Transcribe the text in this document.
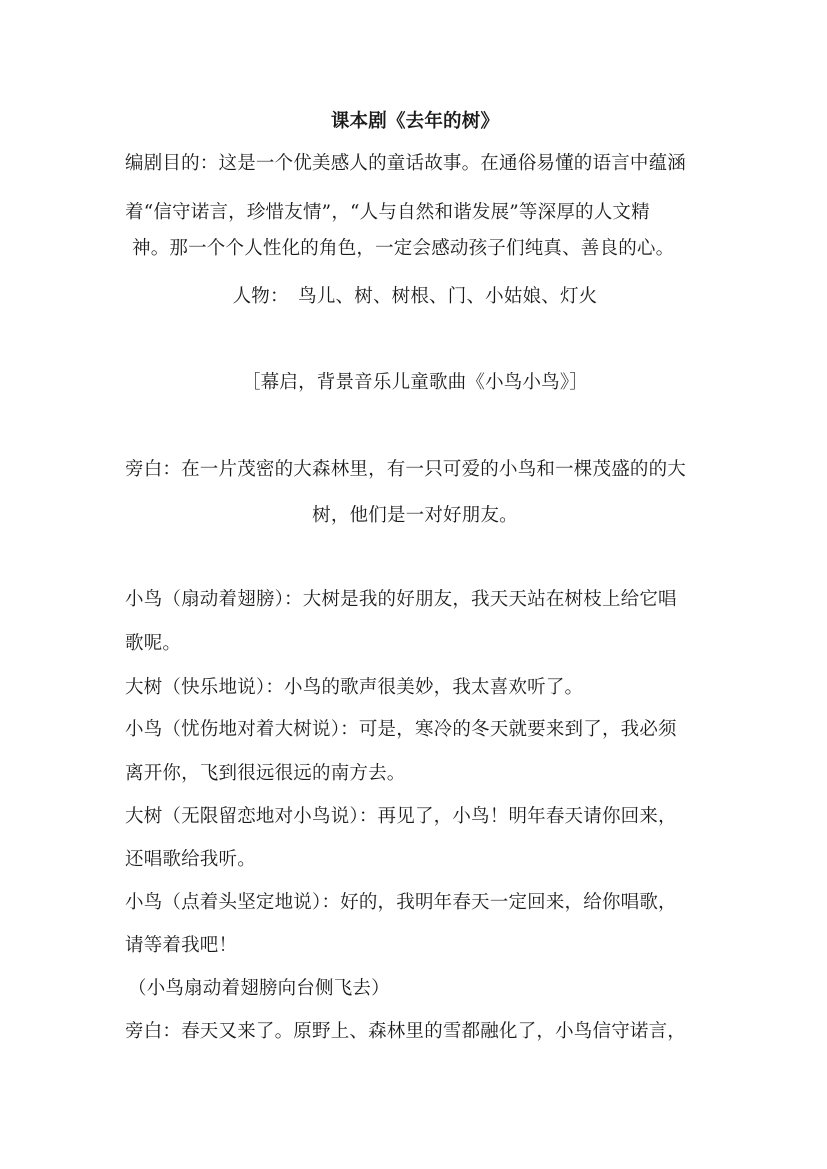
课本剧《去年的树》
编剧目的：这是一个优美感人的童话故事。在通俗易懂的语言中蕴涵
着“信守诺言，珍惜友情”，“人与自然和谐发展”等深厚的人文精
神。那一个个人性化的角色，一定会感动孩子们纯真、善良的心。
人物：　鸟儿、树、树根、门、小姑娘、灯火
［幕启，背景音乐儿童歌曲《小鸟小鸟》］
旁白：在一片茂密的大森林里，有一只可爱的小鸟和一棵茂盛的的大
树，他们是一对好朋友。
小鸟（扇动着翅膀）：大树是我的好朋友，我天天站在树枝上给它唱
歌呢。
大树（快乐地说）：小鸟的歌声很美妙，我太喜欢听了。
小鸟（忧伤地对着大树说）：可是，寒冷的冬天就要来到了，我必须
离开你，飞到很远很远的南方去。
大树（无限留恋地对小鸟说）：再见了，小鸟！明年春天请你回来，
还唱歌给我听。
小鸟（点着头坚定地说）：好的，我明年春天一定回来，给你唱歌，
请等着我吧！
（小鸟扇动着翅膀向台侧飞去）
旁白：春天又来了。原野上、森林里的雪都融化了，小鸟信守诺言，
